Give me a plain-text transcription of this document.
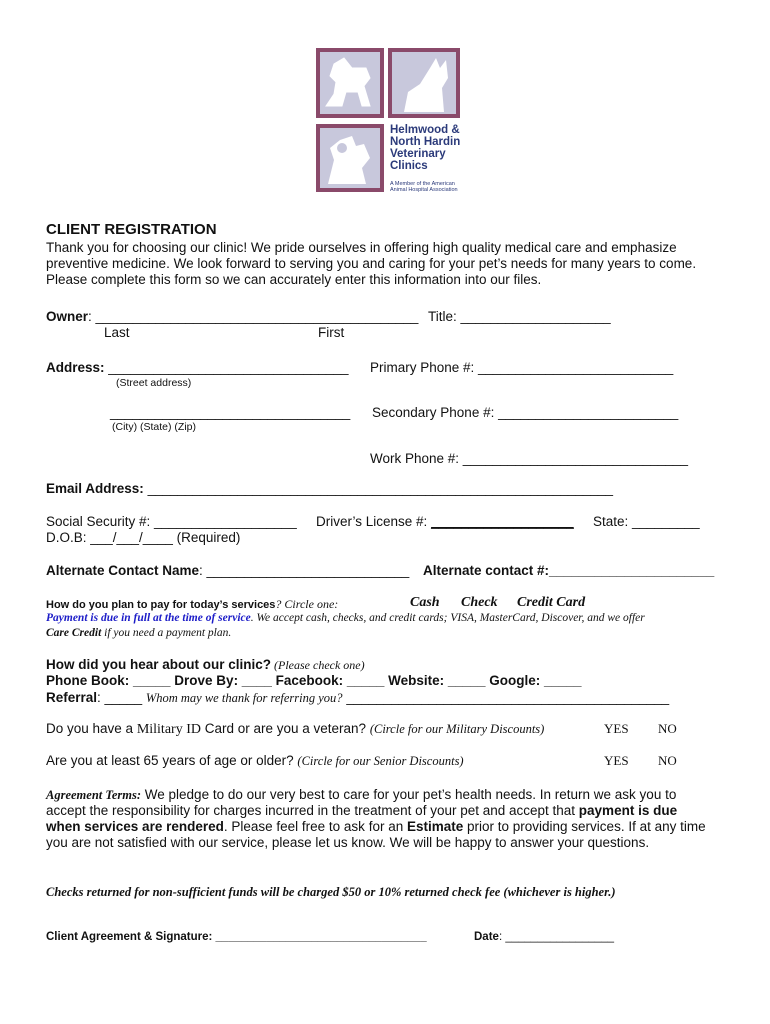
Helmwood &
North Hardin
Veterinary
Clinics
A Member of the American
Animal Hospital Association
CLIENT REGISTRATION
Thank you for choosing our clinic! We pride ourselves in offering high quality medical care and emphasize
preventive medicine. We look forward to serving you and caring for your pet’s needs for many years to come.
Please complete this form so we can accurately enter this information into our files.
Owner: ___________________________________________ Title: ____________________
Last	First
Address: ________________________________ Primary Phone #: __________________________
(Street address)
________________________________ Secondary Phone #: ________________________
(City) (State) (Zip)
Work Phone #: ______________________________
Email Address: ______________________________________________________________
Social Security #: ___________________ Driver’s License #: ___________________ State: _________
D.O.B: ___/___/____ (Required)
Alternate Contact Name: ___________________________ Alternate contact #:______________________
How do you plan to pay for today’s services? Circle one:	Cash Check Credit Card
Payment is due in full at the time of service. We accept cash, checks, and credit cards; VISA, MasterCard, Discover, and we offer
Care Credit if you need a payment plan.
How did you hear about our clinic? (Please check one)
Phone Book: _____ Drove By: ____ Facebook: _____ Website: _____ Google: _____
Referral: _____ Whom may we thank for referring you? ___________________________________________
Do you have a Military ID Card or are you a veteran? (Circle for our Military Discounts)	YES NO
Are you at least 65 years of age or older? (Circle for our Senior Discounts)	YES NO
Agreement Terms: We pledge to do our very best to care for your pet’s health needs. In return we ask you to
accept the responsibility for charges incurred in the treatment of your pet and accept that payment is due
when services are rendered. Please feel free to ask for an Estimate prior to providing services. If at any time
you are not satisfied with our service, please let us know. We will be happy to answer your questions.
Checks returned for non-sufficient funds will be charged $50 or 10% returned check fee (whichever is higher.)
Client Agreement & Signature: _________________________________	Date: _________________
